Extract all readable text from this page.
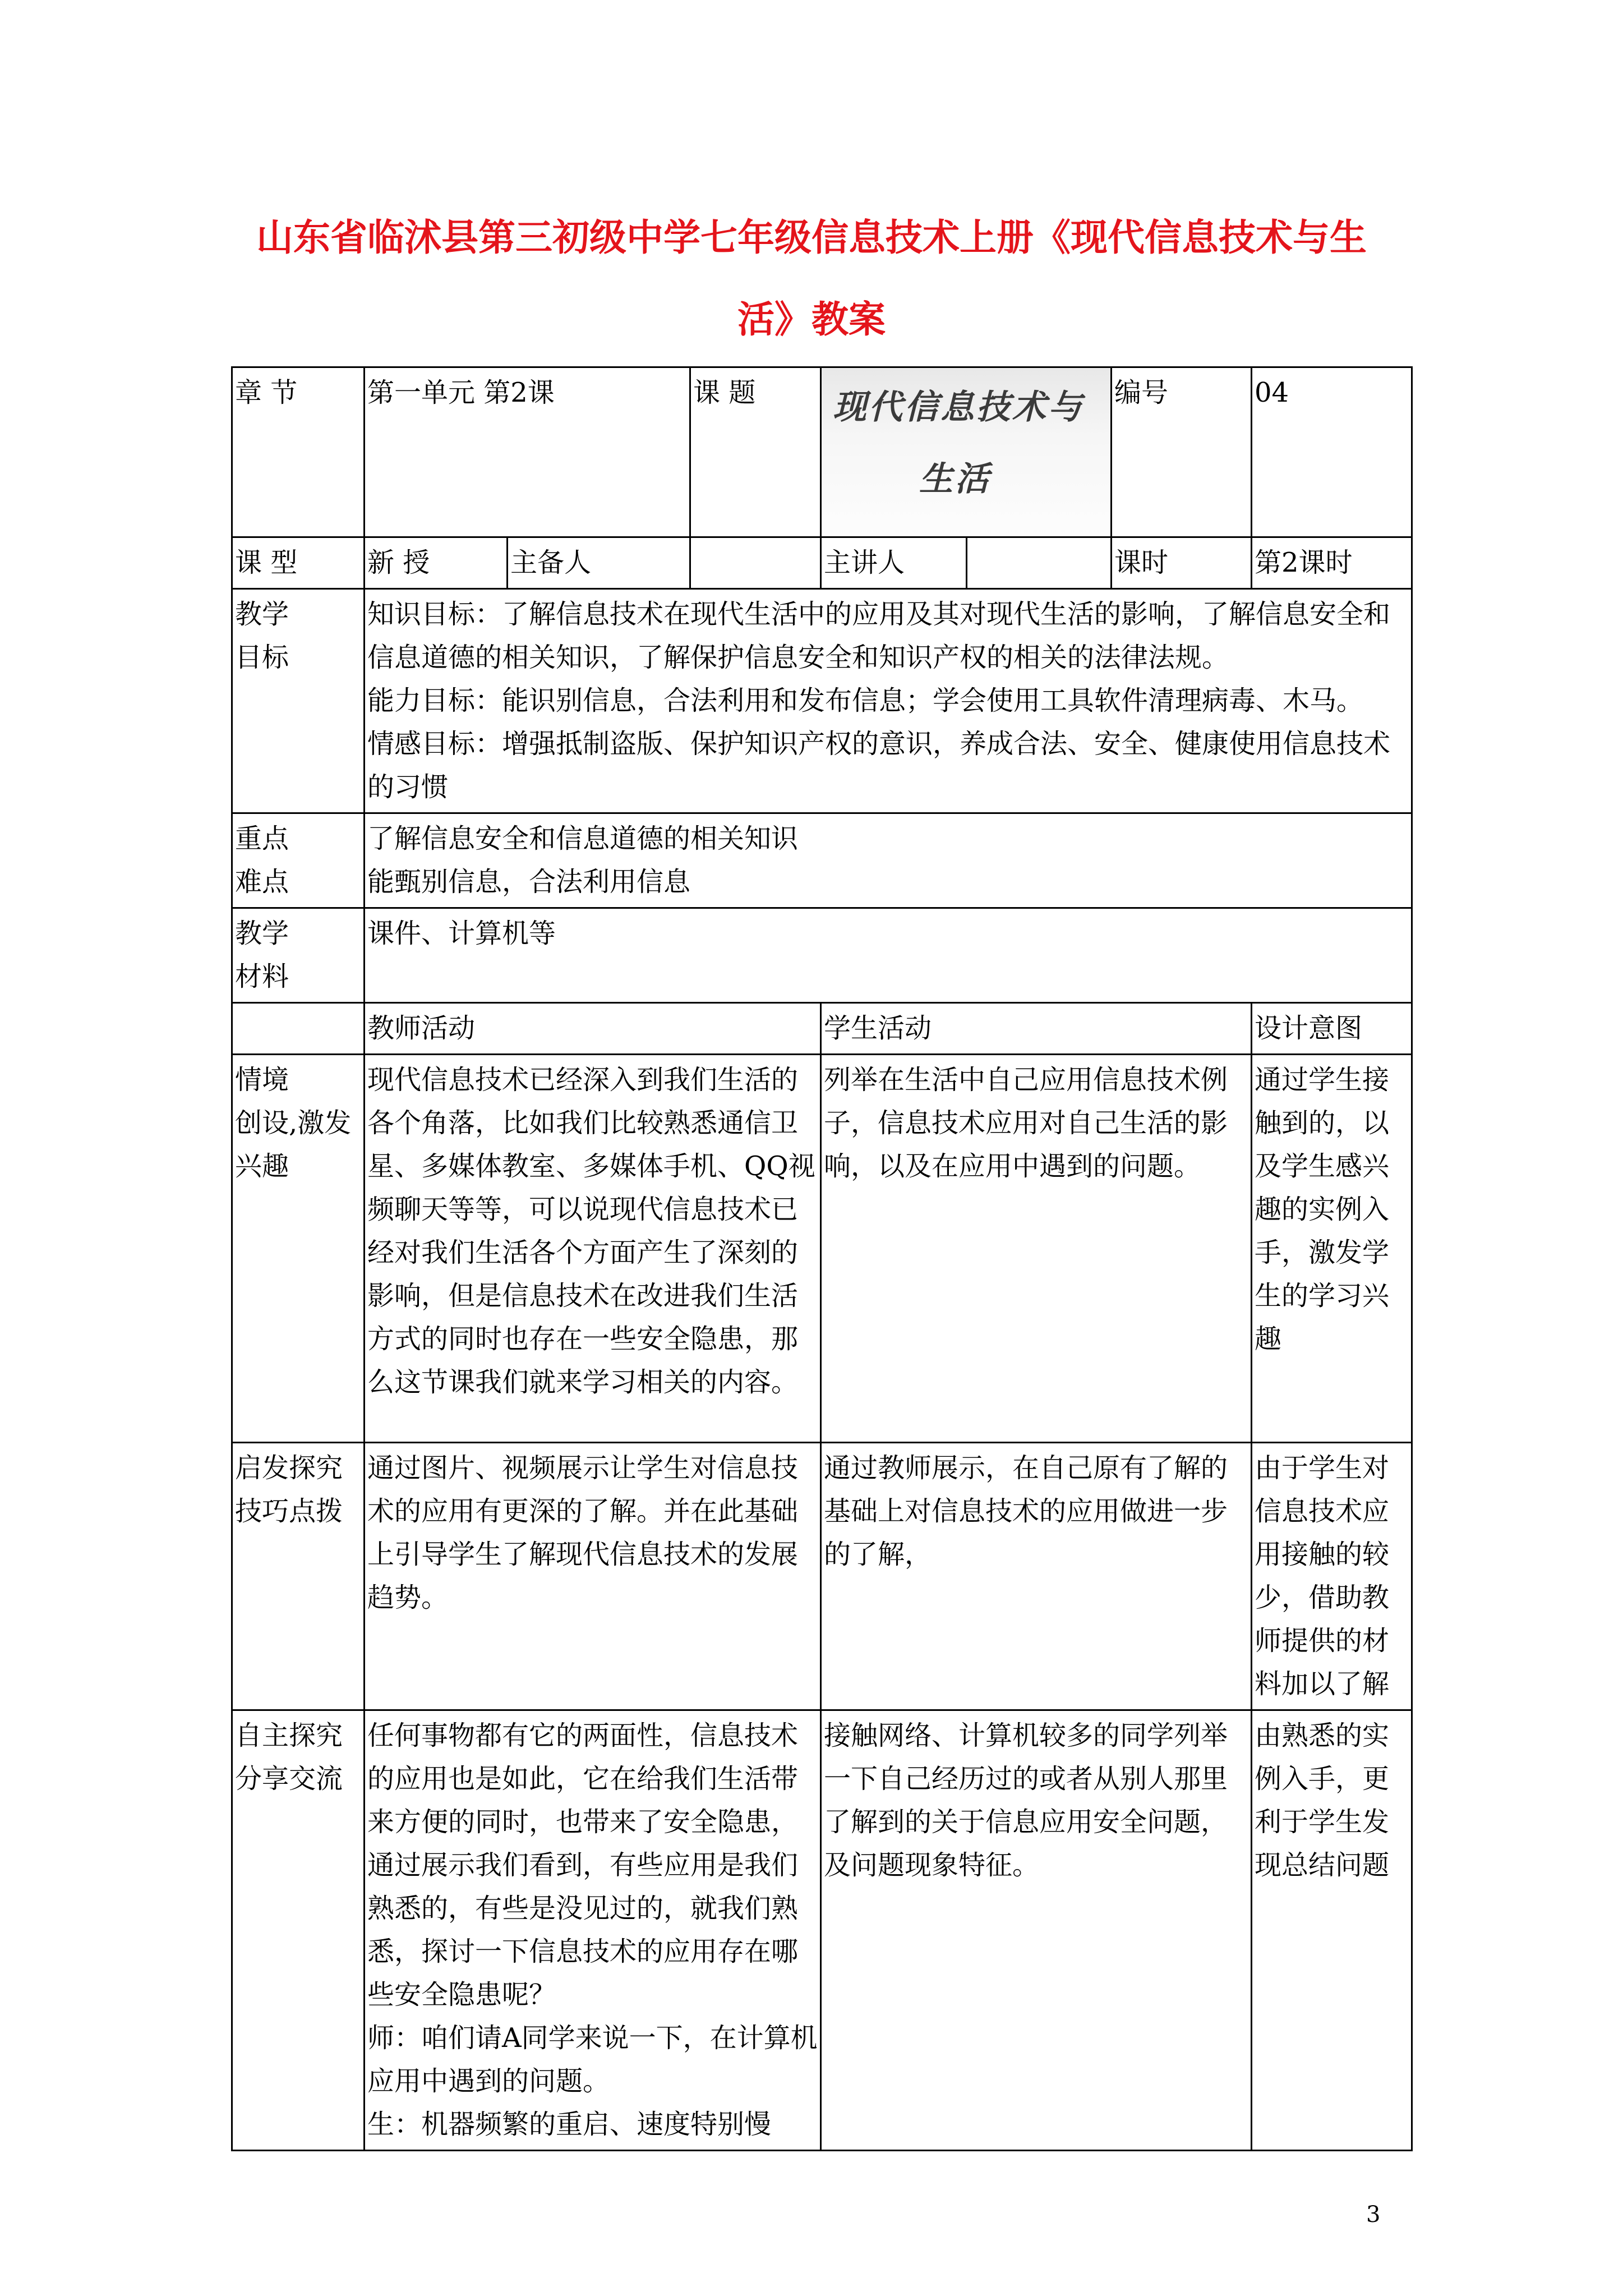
山东省临沭县第三初级中学七年级信息技术上册《现代信息技术与生
活》教案
章 节	第一单元 第2课		课 题	现代信息技术与
生活		编号	04
课 型	新 授	主备人		主讲人		课时	第2课时
教学
目标	知识目标：了解信息技术在现代生活中的应用及其对现代生活的影响，了解信息安全和信息道德的相关知识，了解保护信息安全和知识产权的相关的法律法规。
能力目标：能识别信息，合法利用和发布信息；学会使用工具软件清理病毒、木马。
情感目标：增强抵制盗版、保护知识产权的意识，养成合法、安全、健康使用信息技术的习惯						
重点
难点	了解信息安全和信息道德的相关知识
能甄别信息，合法利用信息						
教学
材料	课件、计算机等						
	教师活动			学生活动			设计意图
情境
创设,激发
兴趣	现代信息技术已经深入到我们生活的各个角落，比如我们比较熟悉通信卫星、多媒体教室、多媒体手机、QQ视频聊天等等，可以说现代信息技术已经对我们生活各个方面产生了深刻的影响，但是信息技术在改进我们生活方式的同时也存在一些安全隐患，那么这节课我们就来学习相关的内容。			列举在生活中自己应用信息技术例子，信息技术应用对自己生活的影响，以及在应用中遇到的问题。			通过学生接触到的，以及学生感兴趣的实例入手，激发学生的学习兴趣
启发探究
技巧点拨	通过图片、视频展示让学生对信息技术的应用有更深的了解。并在此基础上引导学生了解现代信息技术的发展趋势。			通过教师展示，在自己原有了解的基础上对信息技术的应用做进一步的了解，			由于学生对信息技术应用接触的较少，借助教师提供的材料加以了解
自主探究
分享交流	任何事物都有它的两面性，信息技术的应用也是如此，它在给我们生活带来方便的同时，也带来了安全隐患，通过展示我们看到，有些应用是我们熟悉的，有些是没见过的，就我们熟悉，探讨一下信息技术的应用存在哪些安全隐患呢？
师：咱们请A同学来说一下，在计算机应用中遇到的问题。
生：机器频繁的重启、速度特别慢			接触网络、计算机较多的同学列举一下自己经历过的或者从别人那里了解到的关于信息应用安全问题，及问题现象特征。			由熟悉的实例入手，更利于学生发现总结问题
3
